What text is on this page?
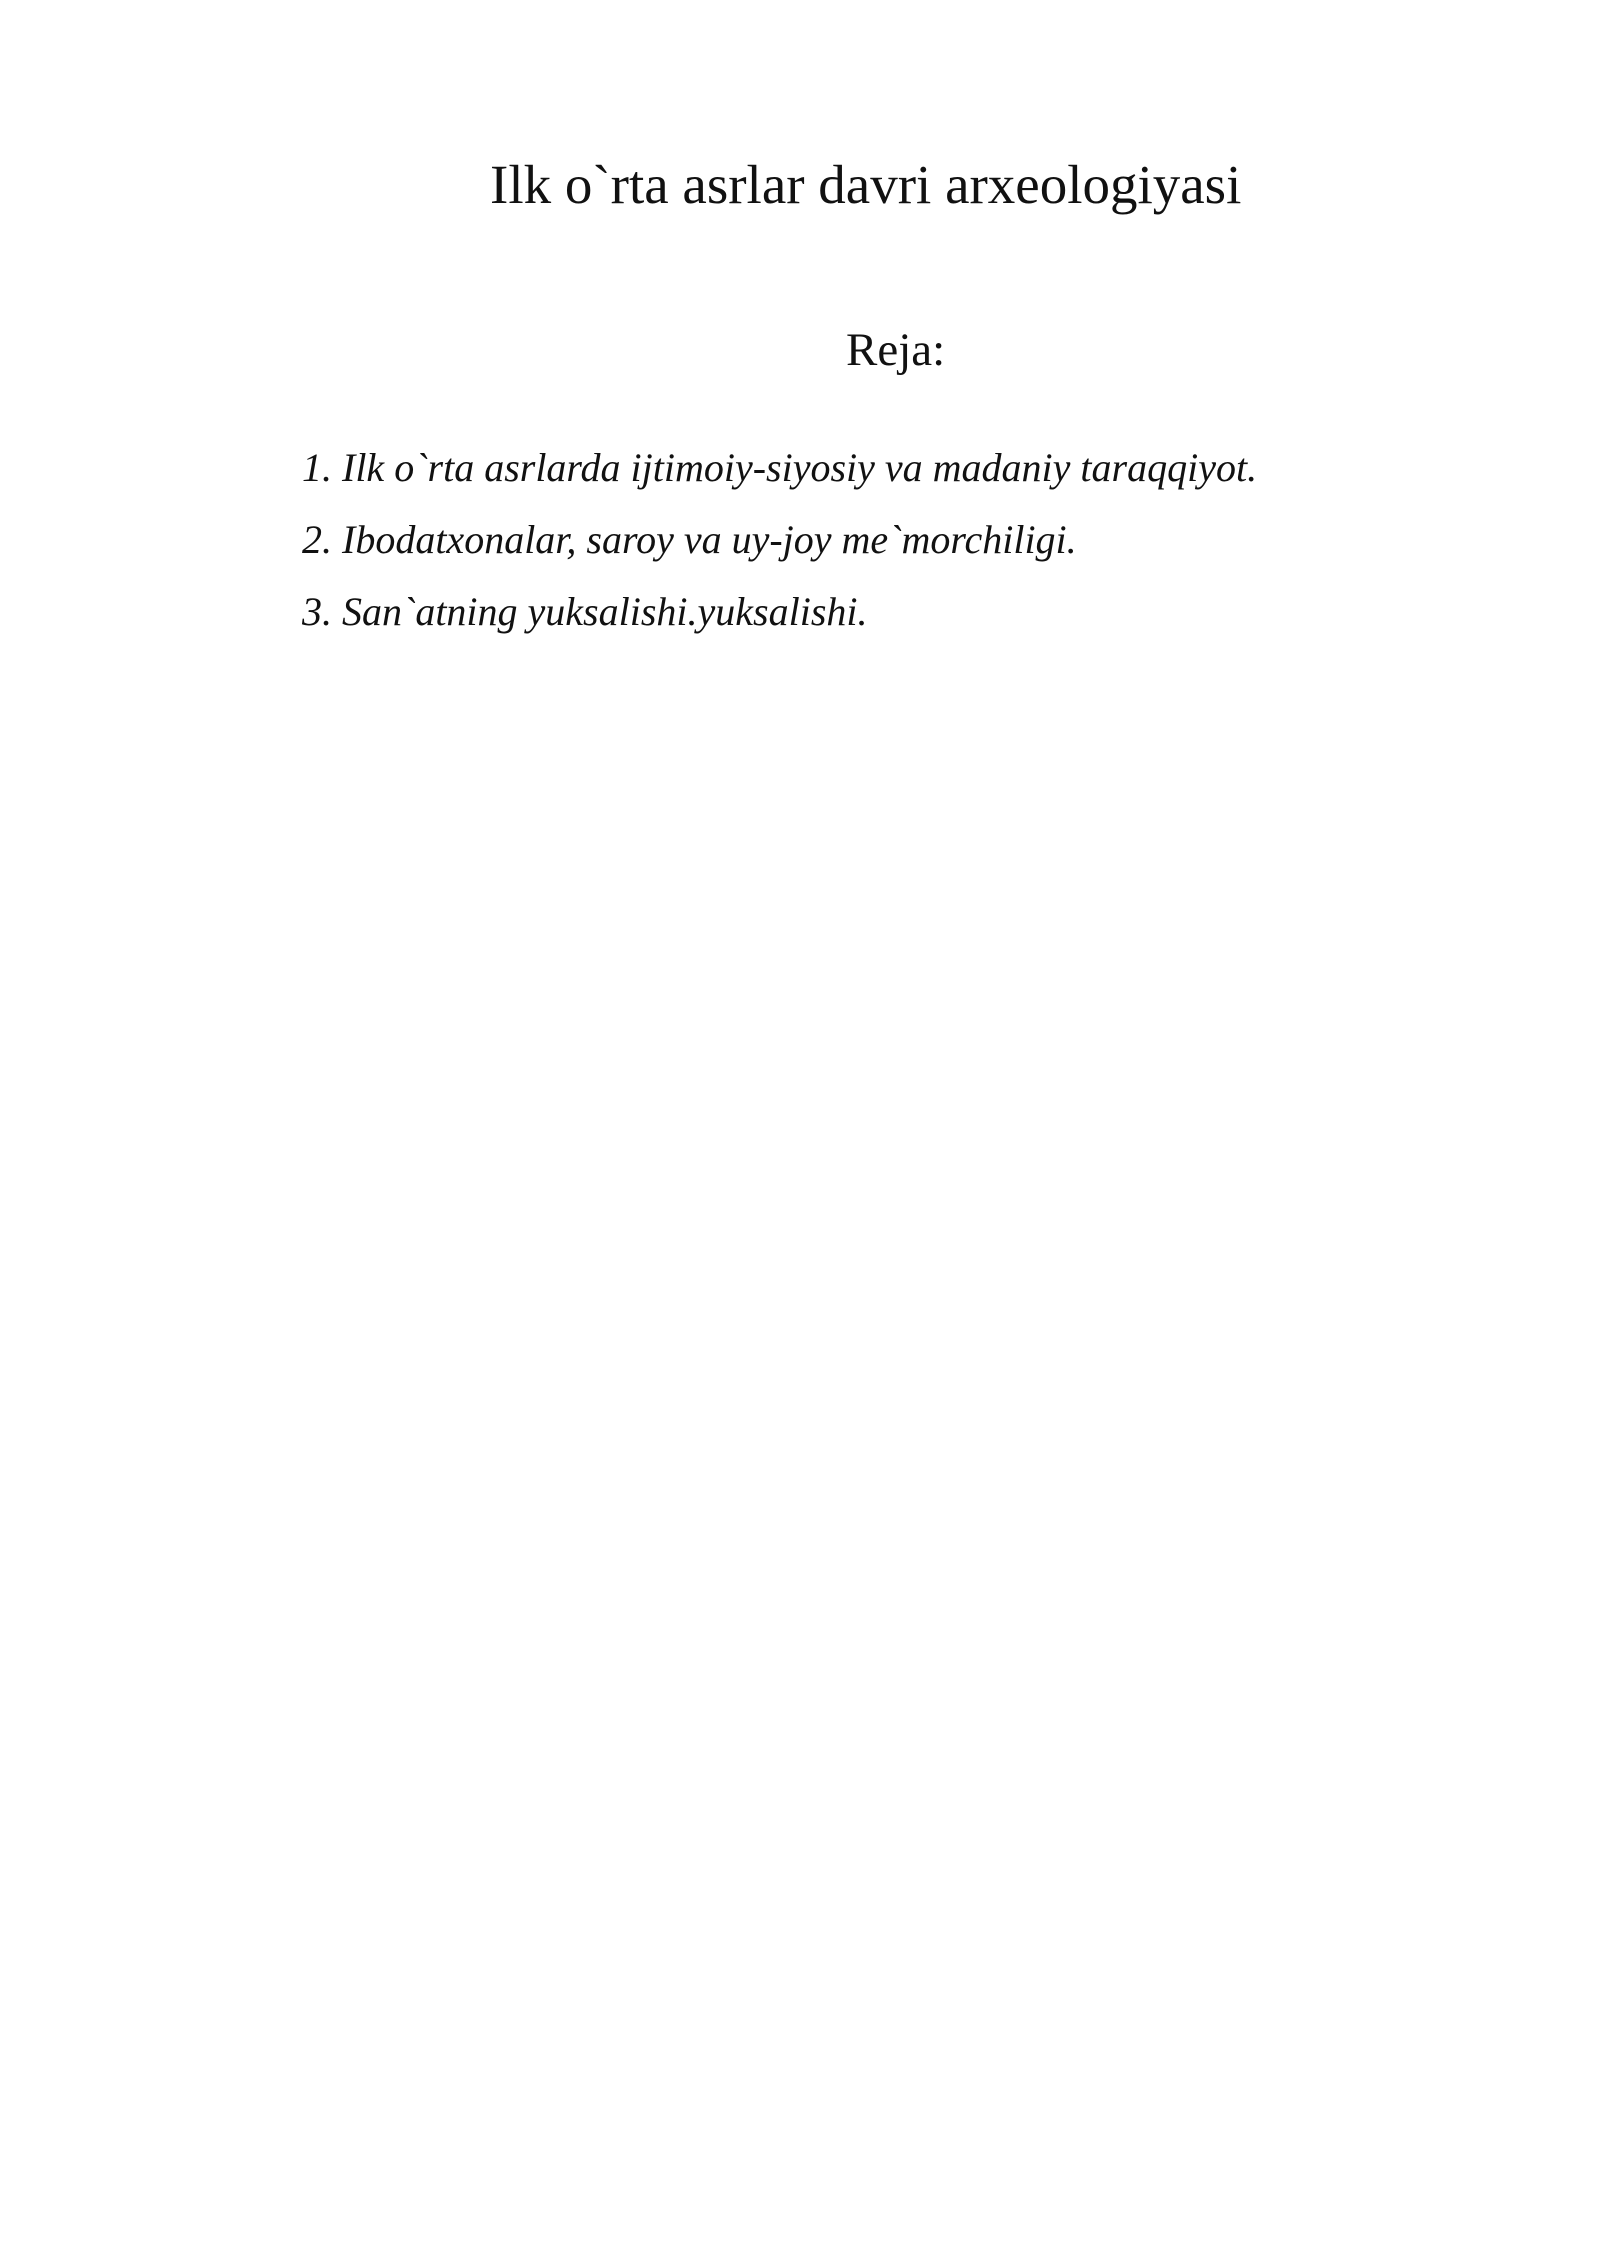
Ilk o`rta asrlar davri arxeologiyasi
Reja:
1. Ilk o`rta asrlarda ijtimoiy-siyosiy va madaniy taraqqiyot.
2. Ibodatxonalar, saroy va uy-joy me`morchiligi.
3. San`atning yuksalishi.yuksalishi.
